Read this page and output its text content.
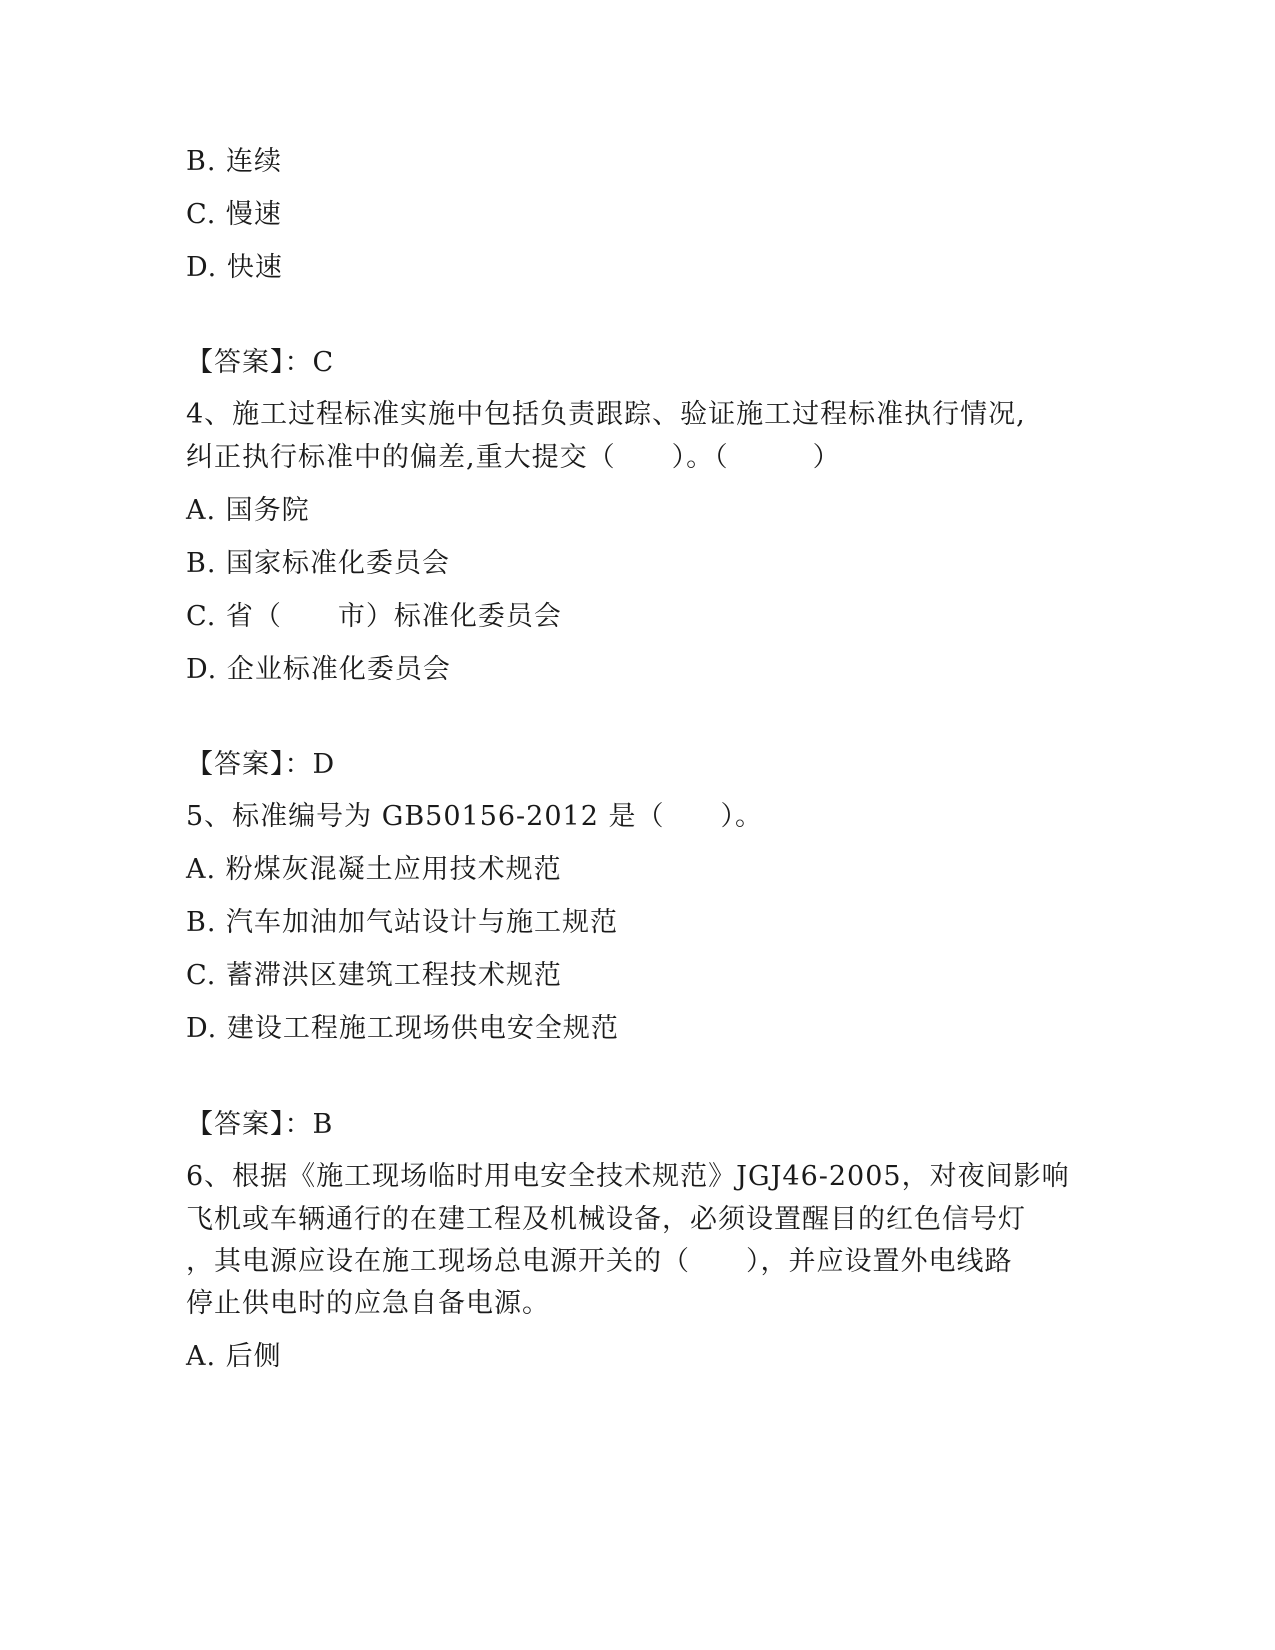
B. 连续
C. 慢速
D. 快速
【答案】：C
4、施工过程标准实施中包括负责跟踪、验证施工过程标准执行情况,
纠正执行标准中的偏差,重大提交（　　）。（　　　）
A. 国务院
B. 国家标准化委员会
C. 省（　　市）标准化委员会
D. 企业标准化委员会
【答案】：D
5、标准编号为 GB50156-2012 是（　　）。
A. 粉煤灰混凝土应用技术规范
B. 汽车加油加气站设计与施工规范
C. 蓄滞洪区建筑工程技术规范
D. 建设工程施工现场供电安全规范
【答案】：B
6、根据《施工现场临时用电安全技术规范》JGJ46-2005，对夜间影响
飞机或车辆通行的在建工程及机械设备，必须设置醒目的红色信号灯
，其电源应设在施工现场总电源开关的（　　），并应设置外电线路
停止供电时的应急自备电源。
A. 后侧
